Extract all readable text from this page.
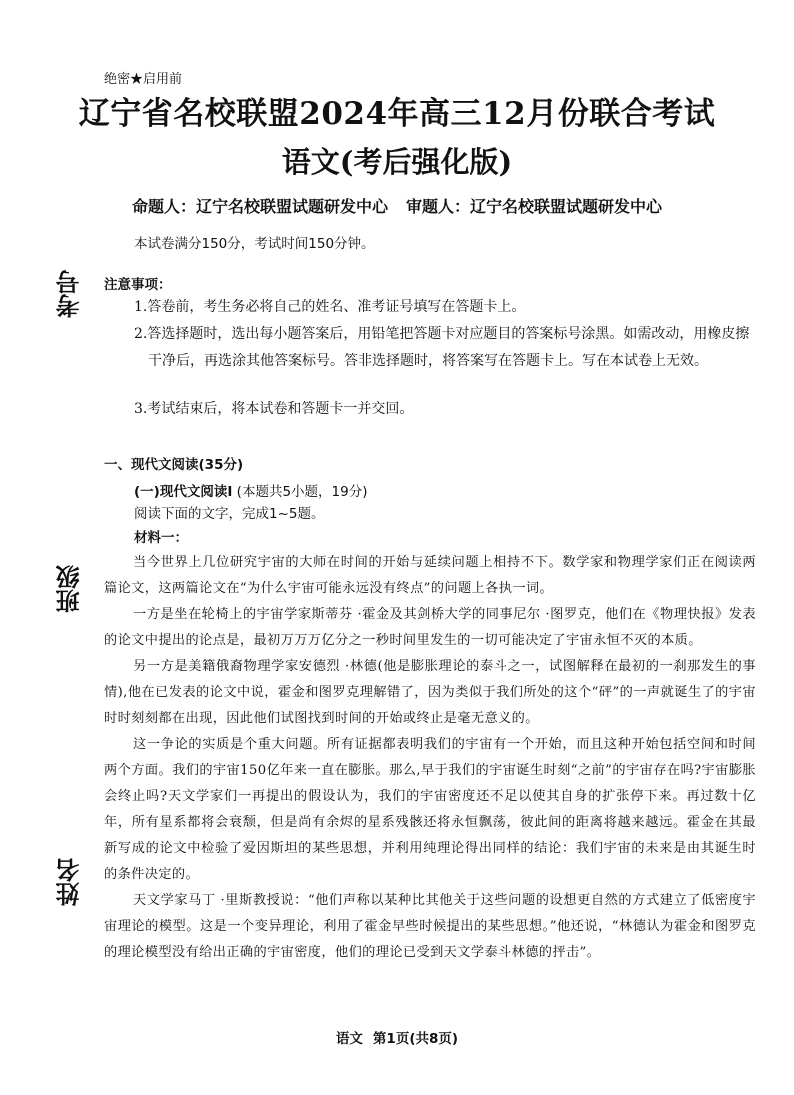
绝密★启用前
辽宁省名校联盟2024年高三12月份联合考试
语文(考后强化版)
命题人：辽宁名校联盟试题研发中心 审题人：辽宁名校联盟试题研发中心
本试卷满分150分，考试时间150分钟。
考号
班级
姓名
注意事项：
1.答卷前，考生务必将自己的姓名、准考证号填写在答题卡上。
2.答选择题时，选出每小题答案后，用铅笔把答题卡对应题目的答案标号涂黑。如需改动，用橡皮擦干净后，再选涂其他答案标号。答非选择题时，将答案写在答题卡上。写在本试卷上无效。
3.考试结束后，将本试卷和答题卡一并交回。
一、现代文阅读(35分)
(一)现代文阅读Ⅰ (本题共5小题，19分)
阅读下面的文字，完成1~5题。
材料一：

当今世界上几位研究宇宙的大师在时间的开始与延续问题上相持不下。数学家和物理学家们正在阅读两篇论文，这两篇论文在“为什么宇宙可能永远没有终点”的问题上各执一词。

一方是坐在轮椅上的宇宙学家斯蒂芬 ·霍金及其剑桥大学的同事尼尔 ·图罗克，他们在《物理快报》发表的论文中提出的论点是，最初万万万亿分之一秒时间里发生的一切可能决定了宇宙永恒不灭的本质。

另一方是美籍俄裔物理学家安德烈 ·林德(他是膨胀理论的泰斗之一，试图解释在最初的一刹那发生的事情),他在已发表的论文中说，霍金和图罗克理解错了，因为类似于我们所处的这个“砰”的一声就诞生了的宇宙时时刻刻都在出现，因此他们试图找到时间的开始或终止是毫无意义的。

这一争论的实质是个重大问题。所有证据都表明我们的宇宙有一个开始，而且这种开始包括空间和时间两个方面。我们的宇宙150亿年来一直在膨胀。那么,早于我们的宇宙诞生时刻“之前”的宇宙存在吗?宇宙膨胀会终止吗?天文学家们一再提出的假设认为，我们的宇宙密度还不足以使其自身的扩张停下来。再过数十亿年，所有星系都将会衰颓，但是尚有余烬的星系残骸还将永恒飘荡，彼此间的距离将越来越远。霍金在其最新写成的论文中检验了爱因斯坦的某些思想，并利用纯理论得出同样的结论：我们宇宙的未来是由其诞生时的条件决定的。

天文学家马丁 ·里斯教授说：“他们声称以某种比其他关于这些问题的设想更自然的方式建立了低密度宇宙理论的模型。这是一个变异理论，利用了霍金早些时候提出的某些思想。”他还说，“林德认为霍金和图罗克的理论模型没有给出正确的宇宙密度，他们的理论已受到天文学泰斗林德的抨击”。

语文 第1页(共8页)
